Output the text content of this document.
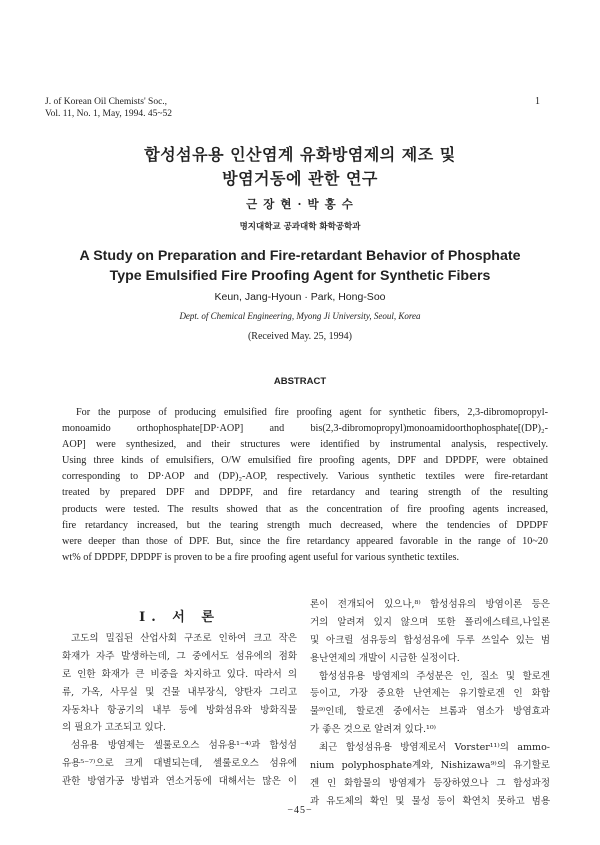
J. of Korean Oil Chemists' Soc.,
Vol. 11, No. 1, May, 1994. 45~52
1
합성섬유용 인산염계 유화방염제의 제조 및
방염거동에 관한 연구
근 장 현 · 박 홍 수
명지대학교 공과대학 화학공학과
A Study on Preparation and Fire-retardant Behavior of Phosphate
Type Emulsified Fire Proofing Agent for Synthetic Fibers
Keun, Jang-Hyoun · Park, Hong-Soo
Dept. of Chemical Engineering, Myong Ji University, Seoul, Korea
(Received May. 25, 1994)
ABSTRACT
For the purpose of producing emulsified fire proofing agent for synthetic fibers, 2,3-dibromopropyl-
monoamido orthophosphate[DP·AOP] and bis(2,3-dibromopropyl)monoamidoorthophosphate[(DP)₂-
AOP] were synthesized, and their structures were identified by instrumental analysis, respectively.
Using three kinds of emulsifiers, O/W emulsified fire proofing agents, DPF and DPDPF, were obtained
corresponding to DP·AOP and (DP)₂-AOP, respectively. Various synthetic textiles were fire-retardant
treated by prepared DPF and DPDPF, and fire retardancy and tearing strength of the resulting
products were tested. The results showed that as the concentration of fire proofing agents increased,
fire retardancy increased, but the tearing strength much decreased, where the tendencies of DPDPF
were deeper than those of DPF. But, since the fire retardancy appeared favorable in the range of 10~20
wt% of DPDPF, DPDPF is proven to be a fire proofing agent useful for various synthetic textiles.
I. 서 론
고도의 밀집된 산업사회 구조로 인하여 크고 작은
화재가 자주 발생하는데, 그 중에서도 섬유에의 점화
로 인한 화재가 큰 비중을 차지하고 있다. 따라서 의
류, 가옥, 사무실 및 건물 내부장식, 양탄자 그리고
자동차나 항공기의 내부 등에 방화섬유와 방화직물
의 필요가 고조되고 있다.
섬유용 방염제는 셀룰로오스 섬유용¹⁻⁴⁾과 합성섬
유용⁵⁻⁷⁾으로 크게 대별되는데, 셀룰로오스 섬유에
관한 방염가공 방법과 연소거동에 대해서는 많은 이
론이 전개되어 있으나,⁸⁾ 합성섬유의 방염이론 등은
거의 알려져 있지 않으며 또한 폴리에스테르,나일론
및 아크릴 섬유등의 합성섬유에 두루 쓰일수 있는 범
용난연제의 개발이 시급한 실정이다.
합성섬유용 방염제의 주성분은 인, 질소 및 할로겐
등이고, 가장 중요한 난연제는 유기할로겐 인 화합
물⁹⁾인데, 할로겐 중에서는 브롬과 염소가 방염효과
가 좋은 것으로 알려져 있다.¹⁰⁾
최근 합성섬유용 방염제로서 Vorster¹¹⁾의 ammo-
nium polyphosphate계와, Nishizawa⁹⁾의 유기할로
겐 인 화합물의 방염제가 등장하였으나 그 합성과정
과 유도체의 확인 및 물성 등이 확연치 못하고 범용
−45−
